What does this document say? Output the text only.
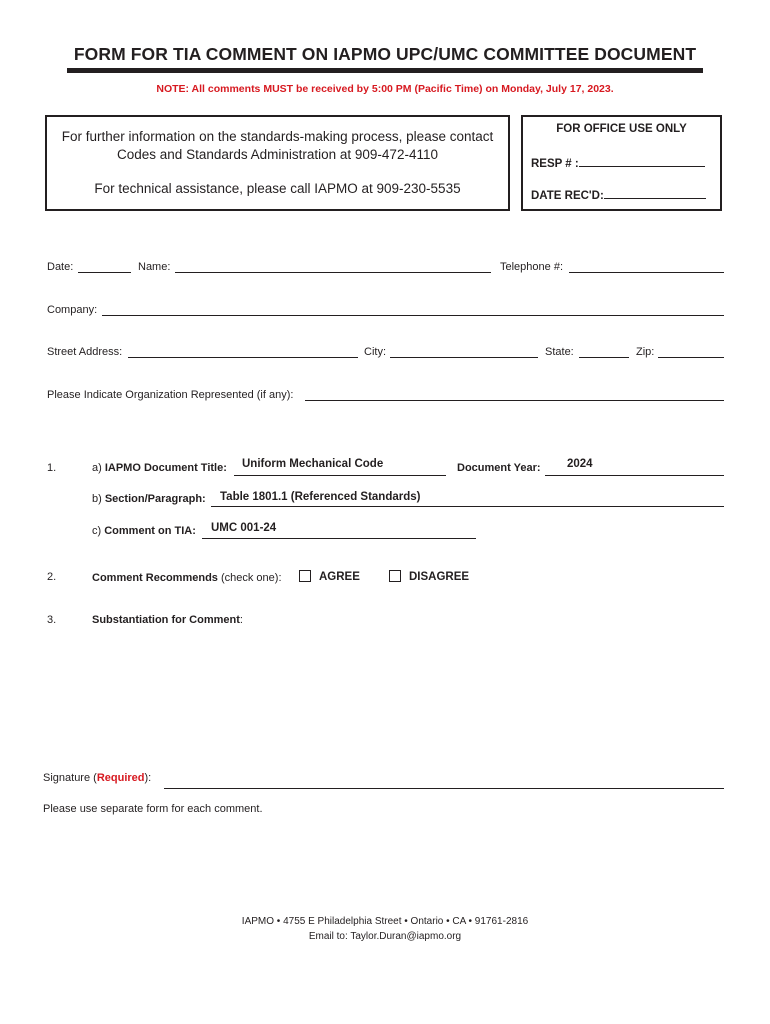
FORM FOR TIA COMMENT ON IAPMO UPC/UMC COMMITTEE DOCUMENT
NOTE: All comments MUST be received by 5:00 PM (Pacific Time) on Monday, July 17, 2023.
For further information on the standards-making process, please contact
Codes and Standards Administration at 909-472-4110
For technical assistance, please call IAPMO at 909-230-5535
FOR OFFICE USE ONLY
RESP # :
DATE REC'D:
Date:	Name:	Telephone #:
Company:
Street Address:	City:	State:	Zip:
Please Indicate Organization Represented (if any):
1.	a) IAPMO Document Title: Uniform Mechanical Code	Document Year: 2024
b) Section/Paragraph: Table 1801.1 (Referenced Standards)
c) Comment on TIA: UMC 001-24
2.	Comment Recommends (check one):	AGREE	DISAGREE
3.	Substantiation for Comment:
Signature (Required):
Please use separate form for each comment.
IAPMO • 4755 E Philadelphia Street • Ontario • CA • 91761-2816
Email to: Taylor.Duran@iapmo.org
